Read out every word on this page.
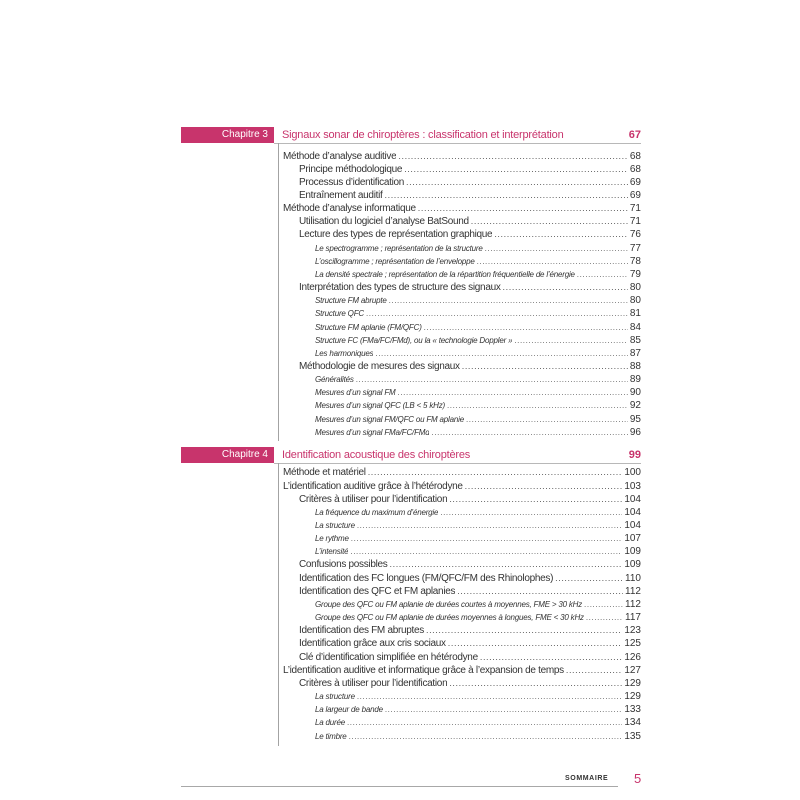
Chapitre 3	Signaux sonar de chiroptères : classification et interprétation	67
Méthode d’analyse auditive .....	68
Principe méthodologique .....	68
Processus d’identification .....	69
Entraînement auditif .....	69
Méthode d’analyse informatique .....	71
Utilisation du logiciel d’analyse BatSound .....	71
Lecture des types de représentation graphique .....	76
Le spectrogramme ; représentation de la structure .....	77
L’oscillogramme ; représentation de l’enveloppe .....	78
La densité spectrale ; représentation de la répartition fréquentielle de l’énergie .....	79
Interprétation des types de structure des signaux .....	80
Structure FM abrupte .....	80
Structure QFC .....	81
Structure FM aplanie (FM/QFC) .....	84
Structure FC (FMa/FC/FMd), ou la « technologie Doppler » .....	85
Les harmoniques .....	87
Méthodologie de mesures des signaux .....	88
Généralités .....	89
Mesures d’un signal FM .....	90
Mesures d’un signal QFC (LB < 5 kHz) .....	92
Mesures d’un signal FM/QFC ou FM aplanie .....	95
Mesures d’un signal FMa/FC/FMd .....	96
Chapitre 4	Identification acoustique des chiroptères	99
Méthode et matériel .....	100
L’identification auditive grâce à l’hétérodyne .....	103
Critères à utiliser pour l’identification .....	104
La fréquence du maximum d’énergie .....	104
La structure .....	104
Le rythme .....	107
L’intensité .....	109
Confusions possibles .....	109
Identification des FC longues (FM/QFC/FM des Rhinolophes) .....	110
Identification des QFC et FM aplanies .....	112
Groupe des QFC ou FM aplanie de durées courtes à moyennes, FME > 30 kHz .....	112
Groupe des QFC ou FM aplanie de durées moyennes à longues, FME < 30 kHz .....	117
Identification des FM abruptes .....	123
Identification grâce aux cris sociaux .....	125
Clé d’identification simplifiée en hétérodyne .....	126
L’identification auditive et informatique grâce à l’expansion de temps .....	127
Critères à utiliser pour l’identification .....	129
La structure .....	129
La largeur de bande .....	133
La durée .....	134
Le timbre .....	135
SOMMAIRE 5
